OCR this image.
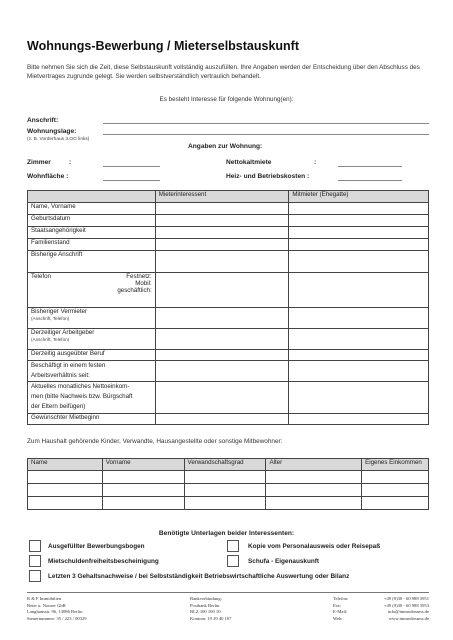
Wohnungs-Bewerbung / Mieterselbstauskunft
Bitte nehmen Sie sich die Zeit, diese Selbstauskunft vollständig auszufüllen. Ihre Angaben werden der Entscheidung über den Abschluss des Mietvertrages zugrunde gelegt. Sie werden selbstverständlich vertraulich behandelt.
Es besteht Interesse für folgende Wohnung(en):
Anschrift:
Wohnungslage:
(z. B. Vorderhaus 3.OG links)
Angaben zur Wohnung:
Zimmer	:	Nettokaltmiete	:
Wohnfläche :	Heiz- und Betriebskosten :
	Mieterinteressent	Mitmieter (Ehegatte)
Name, Vorname		
Geburtsdatum		
Staatsangehörigkeit		
Familienstand		
Bisherige Anschrift		

Telefon Festnetz:
Mobil:
geschäftlich:		

Bisheriger Vermieter
(Anschrift, Telefon)		

Derzeitiger Arbeitgeber
(Anschrift, Telefon)		

Derzeitig ausgeübter Beruf		

Beschäftigt in einem festen
Arbeitsverhältnis seit:		

Aktuelles monatliches Nettoeinkom-
men (bitte Nachweis bzw. Bürgschaft
der Eltern beifügen)		

Gewünschter Mietbeginn		
Zum Haushalt gehörende Kinder, Verwandte, Hausangestellte oder sonstige Mitbewohner:
Name	Vorname	Verwandschaftsgrad	Alter	Eigenes Einkommen

Benötigte Unterlagen beider Interessenten:
Ausgefüllter Bewerbungsbogen	Kopie vom Personalausweis oder Reisepaß
Mietschuldenfreiheitsbescheinigung	Schufa - Eigenauskunft
Letzten 3 Gehaltsnachweise / bei Selbstständigkeit Betriebswirtschaftliche Auswertung oder Bilanz
R & F Immobilien
Beier u. Nouser GbR
Langhansstr. 96, 13086 Berlin
Steuernummer: 35 / 223 / 00329
Bankverbindung:
Postbank Berlin
BLZ 100 100 10
Kontonr. 19 29 40 107
Telefon:
Fax:
E-Mail:
Web:
+49 (0)30 - 60 988 3951
+49 (0)30 - 60 988 3953
info@immodreams.de
www.immodreams.de
